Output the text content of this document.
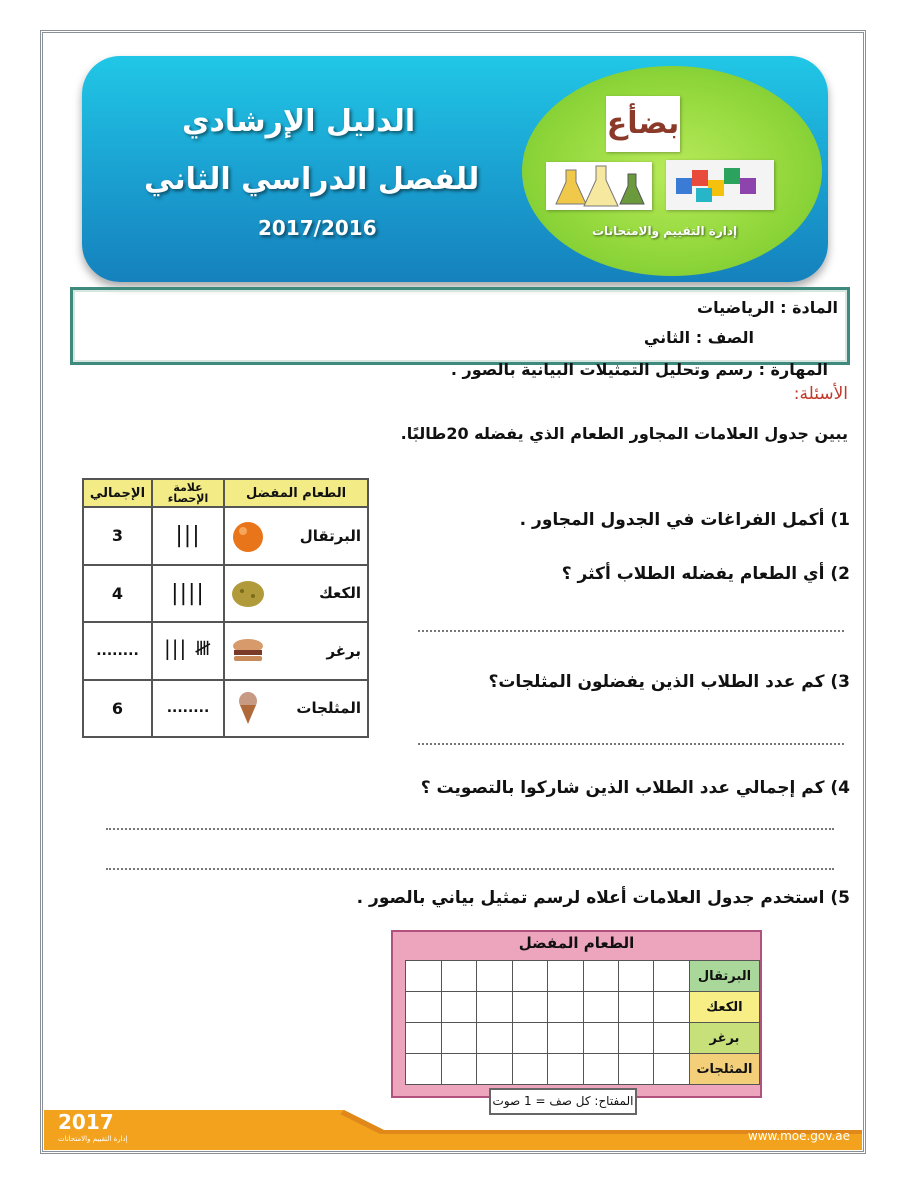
الدليل الإرشادي
للفصل الدراسي الثاني
2017/2016
بضأع
إدارة التقييم والامتحانات
المادة : الرياضيات
الصف : الثاني
المهارة : رسم وتحليل التمثيلات البيانية بالصور .
الأسئلة:
يبين جدول العلامات المجاور الطعام الذي يفضله 20طالبًا.
1) أكمل الفراغات في الجدول المجاور .
2) أي الطعام يفضله الطلاب أكثر ؟
3) كم عدد الطلاب الذين يفضلون المثلجات؟
4) كم إجمالي عدد الطلاب الذين شاركوا بالتصويت ؟
5) استخدم جدول العلامات أعلاه لرسم تمثيل بياني بالصور .
الطعام المفضل	علامة الإحصاء	الإجمالي

البرتقال	|||	3

الكعك	||||	4

برغر	𝍸 |||	........

المثلجات	........	6
الطعام المفضل
البرتقال								
الكعك								
برغر								
المثلجات								
المفتاح: كل صف = 1 صوت
2017
إدارة التقييم والامتحانات	www.moe.gov.ae
